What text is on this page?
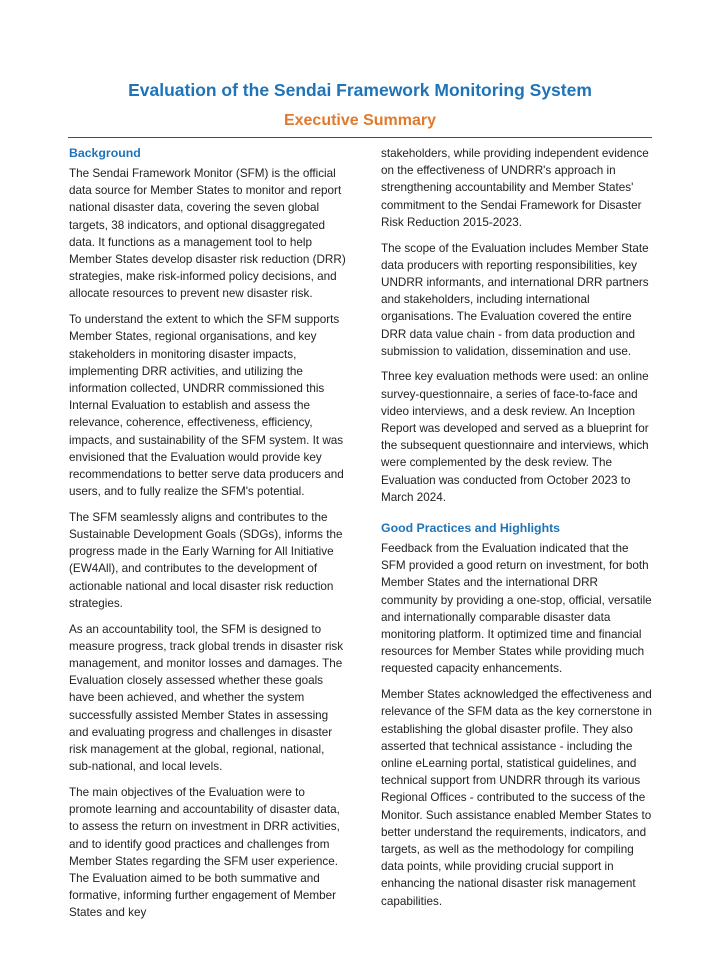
Evaluation of the Sendai Framework Monitoring System
Executive Summary
Background

The Sendai Framework Monitor (SFM) is the official data source for Member States to monitor and report national disaster data, covering the seven global targets, 38 indicators, and optional disaggregated data. It functions as a management tool to help Member States develop disaster risk reduction (DRR) strategies, make risk-informed policy decisions, and allocate resources to prevent new disaster risk.

To understand the extent to which the SFM supports Member States, regional organisations, and key stakeholders in monitoring disaster impacts, implementing DRR activities, and utilizing the information collected, UNDRR commissioned this Internal Evaluation to establish and assess the relevance, coherence, effectiveness, efficiency, impacts, and sustainability of the SFM system. It was envisioned that the Evaluation would provide key recommendations to better serve data producers and users, and to fully realize the SFM's potential.

The SFM seamlessly aligns and contributes to the Sustainable Development Goals (SDGs), informs the progress made in the Early Warning for All Initiative (EW4All), and contributes to the development of actionable national and local disaster risk reduction strategies.

As an accountability tool, the SFM is designed to measure progress, track global trends in disaster risk management, and monitor losses and damages. The Evaluation closely assessed whether these goals have been achieved, and whether the system successfully assisted Member States in assessing and evaluating progress and challenges in disaster risk management at the global, regional, national, sub-national, and local levels.

The main objectives of the Evaluation were to promote learning and accountability of disaster data, to assess the return on investment in DRR activities, and to identify good practices and challenges from Member States regarding the SFM user experience. The Evaluation aimed to be both summative and formative, informing further engagement of Member States and key

stakeholders, while providing independent evidence on the effectiveness of UNDRR's approach in strengthening accountability and Member States' commitment to the Sendai Framework for Disaster Risk Reduction 2015-2023.

The scope of the Evaluation includes Member State data producers with reporting responsibilities, key UNDRR informants, and international DRR partners and stakeholders, including international organisations. The Evaluation covered the entire DRR data value chain - from data production and submission to validation, dissemination and use.

Three key evaluation methods were used: an online survey-questionnaire, a series of face-to-face and video interviews, and a desk review. An Inception Report was developed and served as a blueprint for the subsequent questionnaire and interviews, which were complemented by the desk review. The Evaluation was conducted from October 2023 to March 2024.

Good Practices and Highlights

Feedback from the Evaluation indicated that the SFM provided a good return on investment, for both Member States and the international DRR community by providing a one-stop, official, versatile and internationally comparable disaster data monitoring platform. It optimized time and financial resources for Member States while providing much requested capacity enhancements.

Member States acknowledged the effectiveness and relevance of the SFM data as the key cornerstone in establishing the global disaster profile. They also asserted that technical assistance - including the online eLearning portal, statistical guidelines, and technical support from UNDRR through its various Regional Offices - contributed to the success of the Monitor. Such assistance enabled Member States to better understand the requirements, indicators, and targets, as well as the methodology for compiling data points, while providing crucial support in enhancing the national disaster risk management capabilities.
